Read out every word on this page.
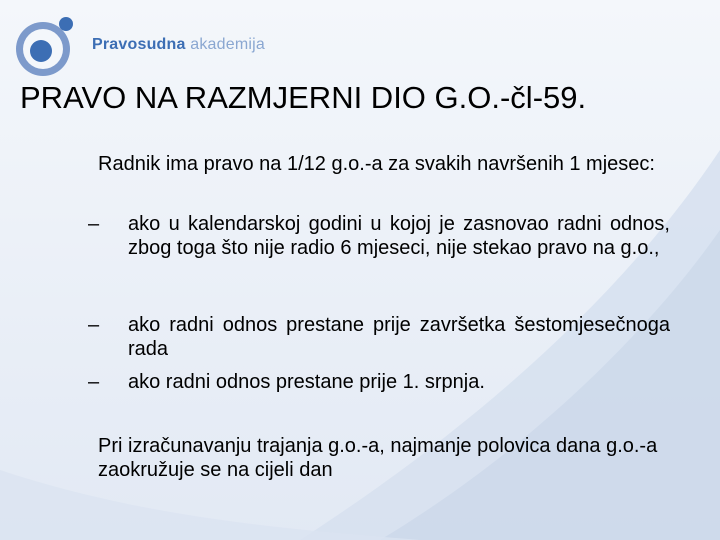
Pravosudna akademija
PRAVO NA RAZMJERNI DIO G.O.-čl-59.

Radnik ima pravo na 1/12 g.o.-a za svakih navršenih 1 mjesec:

–	ako u kalendarskoj godini u kojoj je zasnovao radni odnos, zbog toga što nije radio 6 mjeseci, nije stekao pravo na g.o.,

–	ako radni odnos prestane prije završetka šestomjesečnoga rada

–	ako radni odnos prestane prije 1. srpnja.

Pri izračunavanju trajanja g.o.-a, najmanje polovica dana g.o.-a zaokružuje se na cijeli dan
